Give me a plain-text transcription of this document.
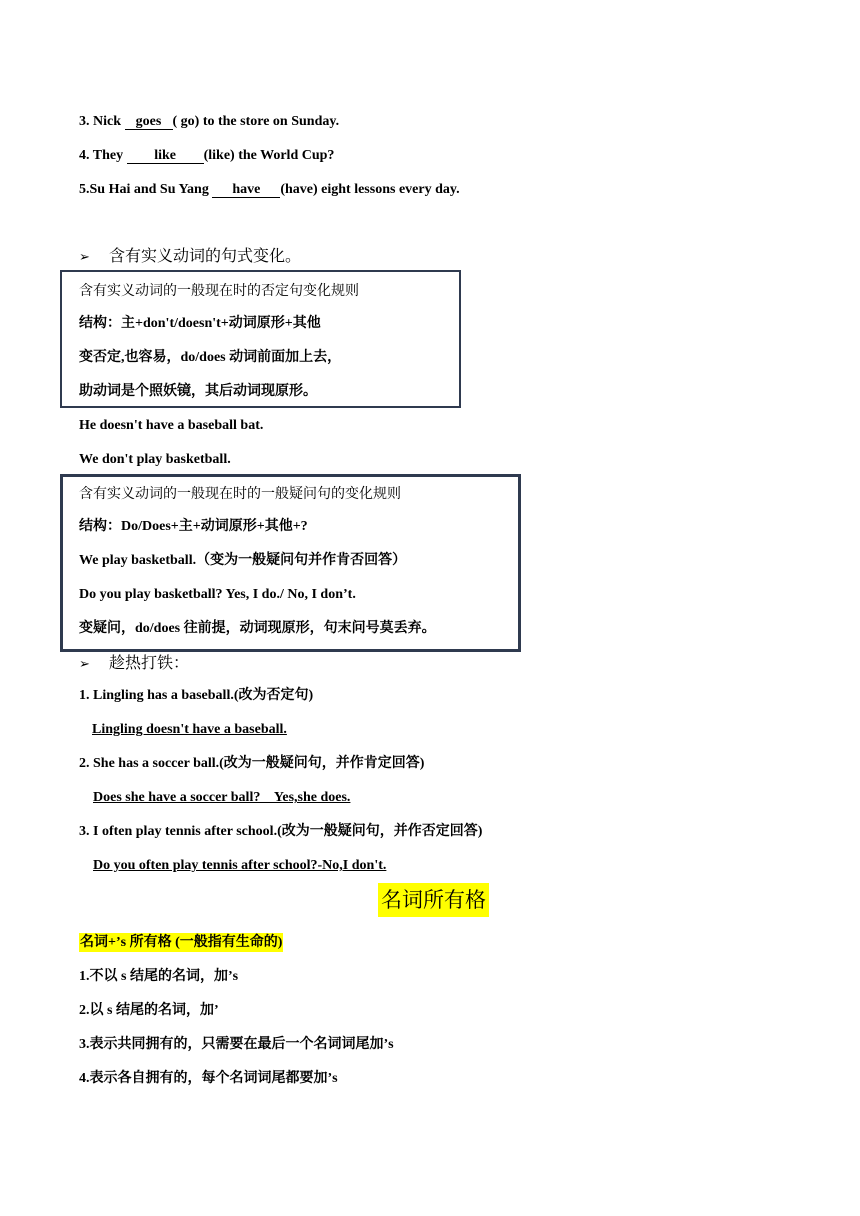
3. Nick goes ( go) to the store on Sunday.
4. They like (like) the World Cup?
5.Su Hai and Su Yang have (have) eight lessons every day.
➢ 含有实义动词的句式变化。
含有实义动词的一般现在时的否定句变化规则
结构：主+don't/doesn't+动词原形+其他
变否定,也容易，do/does 动词前面加上去，
助动词是个照妖镜，其后动词现原形。
He doesn't have a baseball bat.
We don't play basketball.
含有实义动词的一般现在时的一般疑问句的变化规则
结构：Do/Does+主+动词原形+其他+?
We play basketball.（变为一般疑问句并作肯否回答）
Do you play basketball? Yes, I do./ No, I don’t.
变疑问，do/does 往前提，动词现原形，句末问号莫丢弃。
➢ 趁热打铁：
1. Lingling has a baseball.(改为否定句)
Lingling doesn't have a baseball.
2. She has a soccer ball.(改为一般疑问句，并作肯定回答)
Does she have a soccer ball?    Yes,she does.
3. I often play tennis after school.(改为一般疑问句，并作否定回答)
Do you often play tennis after school?-No,I don't.
名词所有格
名词+’s 所有格 (一般指有生命的)
1.不以 s 结尾的名词，加’s
2.以 s 结尾的名词，加’
3.表示共同拥有的，只需要在最后一个名词词尾加’s
4.表示各自拥有的，每个名词词尾都要加’s
